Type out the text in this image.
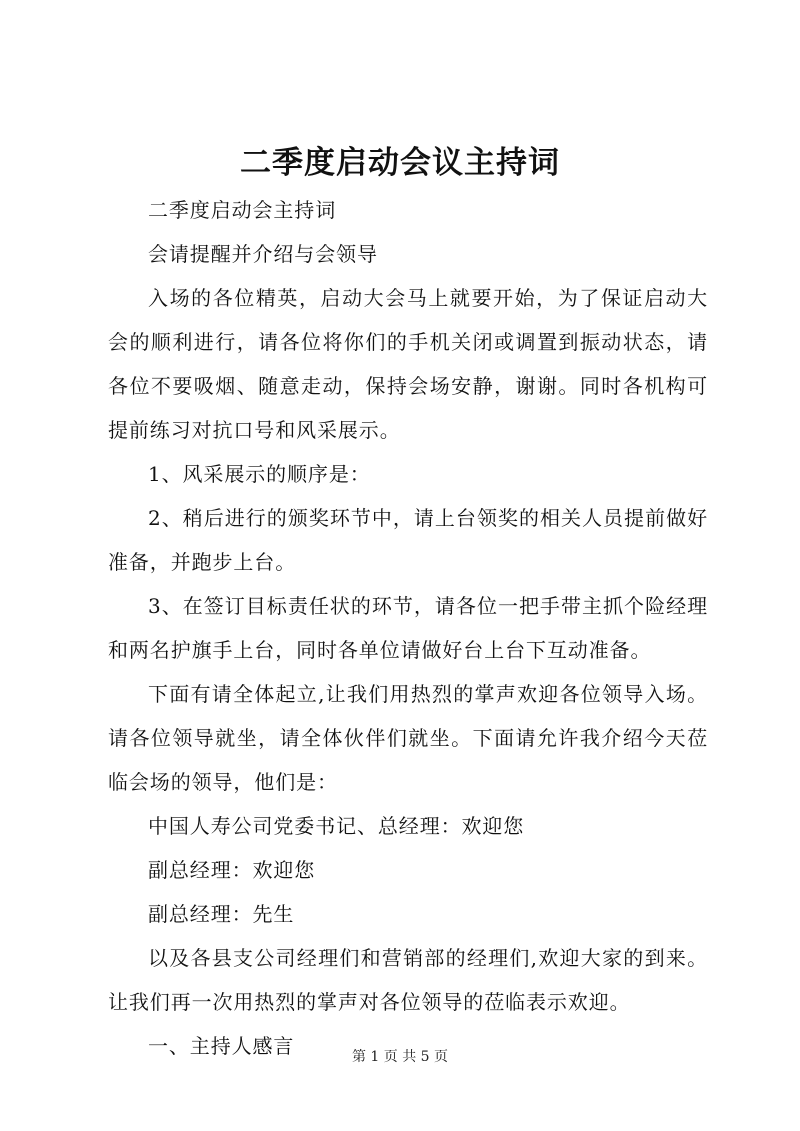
二季度启动会议主持词

二季度启动会主持词

会请提醒并介绍与会领导

入场的各位精英，启动大会马上就要开始，为了保证启动大会的顺利进行，请各位将你们的手机关闭或调置到振动状态，请各位不要吸烟、随意走动，保持会场安静，谢谢。同时各机构可提前练习对抗口号和风采展示。

1、风采展示的顺序是：

2、稍后进行的颁奖环节中，请上台领奖的相关人员提前做好准备，并跑步上台。

3、在签订目标责任状的环节，请各位一把手带主抓个险经理和两名护旗手上台，同时各单位请做好台上台下互动准备。

下面有请全体起立,让我们用热烈的掌声欢迎各位领导入场。请各位领导就坐，请全体伙伴们就坐。下面请允许我介绍今天莅临会场的领导，他们是：

中国人寿公司党委书记、总经理：欢迎您

副总经理：欢迎您

副总经理：先生

以及各县支公司经理们和营销部的经理们,欢迎大家的到来。让我们再一次用热烈的掌声对各位领导的莅临表示欢迎。

一、主持人感言	第 1 页 共 5 页
